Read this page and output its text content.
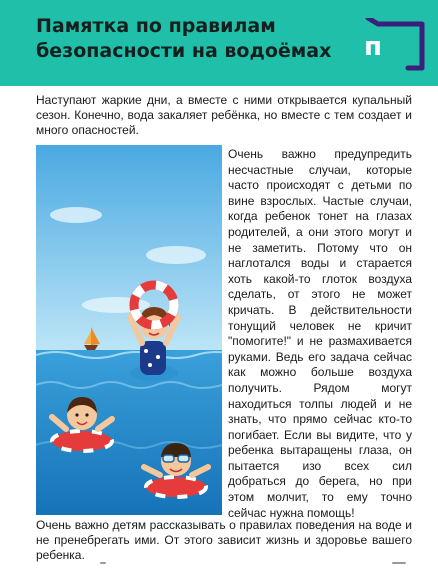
Памятка по правилам безопасности на водоёмах п
Наступают жаркие дни, а вместе с ними открывается купальный сезон. Конечно, вода закаляет ребёнка, но вместе с тем создает и много опасностей.
Очень важно предупредить несчастные случаи, которые часто происходят с детьми по вине взрослых. Частые случаи, когда ребенок тонет на глазах родителей, а они этого могут и не заметить. Потому что он наглотался воды и старается хоть какой-то глоток воздуха сделать, от этого не может кричать. В действительности тонущий человек не кричит "помогите!" и не размахивается руками. Ведь его задача сейчас как можно больше воздуха получить. Рядом могут находиться толпы людей и не знать, что прямо сейчас кто-то погибает. Если вы видите, что у ребенка вытаращены глаза, он пытается изо всех сил добраться до берега, но при этом молчит, то ему точно сейчас нужна помощь!
Очень важно детям рассказывать о правилах поведения на воде и не пренебрегать ими. От этого зависит жизнь и здоровье вашего ребенка.
